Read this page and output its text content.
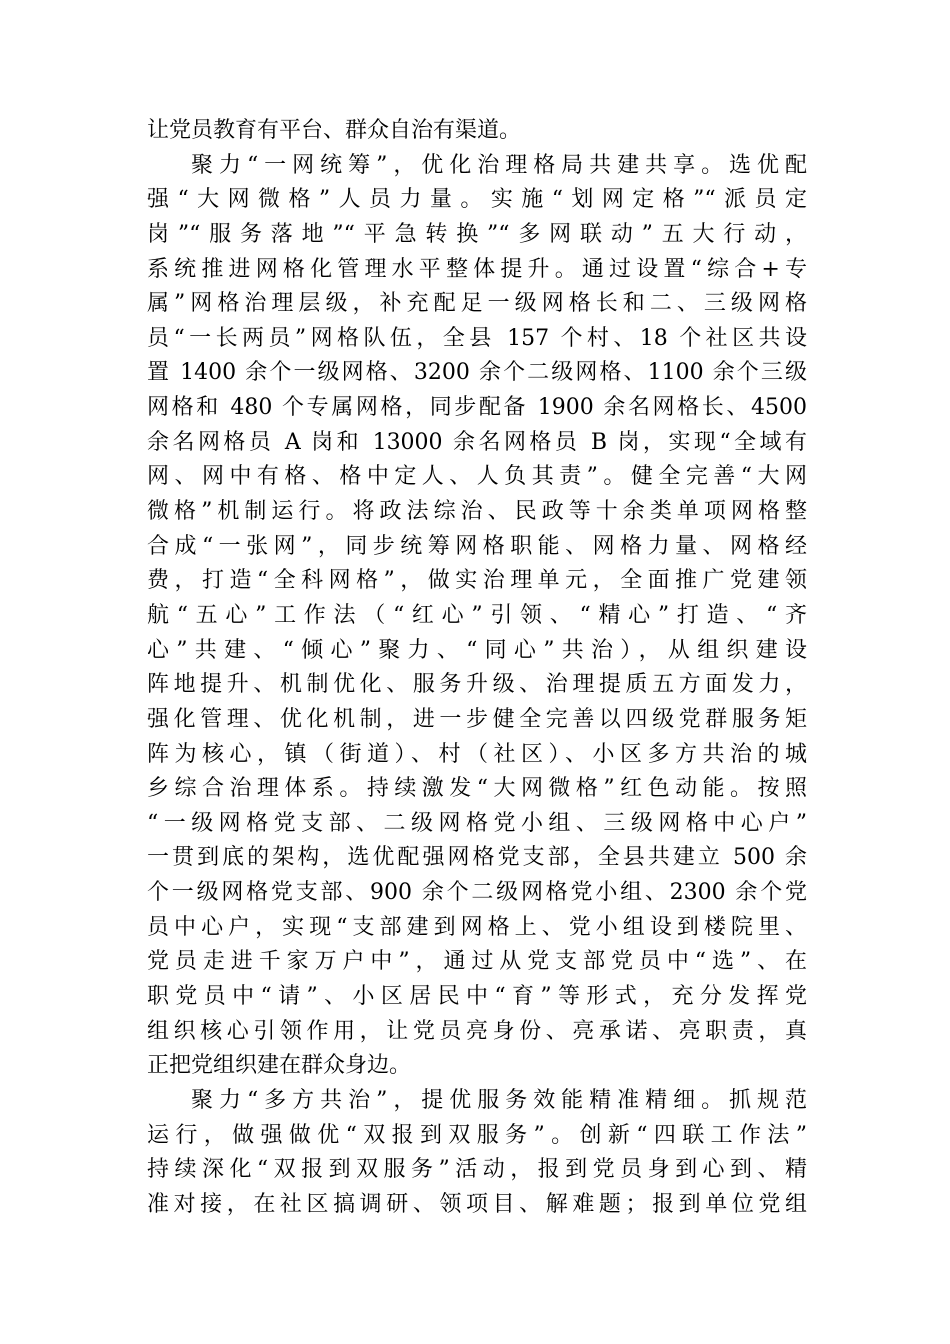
让党员教育有平台、群众自治有渠道。
聚力“一网统筹”，优化治理格局共建共享。选优配
强“大网微格”人员力量。实施“划网定格”“派员定
岗”“服务落地”“平急转换”“多网联动”五大行动，
系统推进网格化管理水平整体提升。通过设置“综合+专
属”网格治理层级，补充配足一级网格长和二、三级网格
员“一长两员”网格队伍，全县 157 个村、18 个社区共设
置 1400 余个一级网格、3200 余个二级网格、1100 余个三级
网格和 480 个专属网格，同步配备 1900 余名网格长、4500
余名网格员 A 岗和 13000 余名网格员 B 岗，实现“全域有
网、网中有格、格中定人、人负其责”。健全完善“大网
微格”机制运行。将政法综治、民政等十余类单项网格整
合成“一张网”，同步统筹网格职能、网格力量、网格经
费，打造“全科网格”，做实治理单元，全面推广党建领
航“五心”工作法（“红心”引领、“精心”打造、“齐
心”共建、“倾心”聚力、“同心”共治），从组织建设
阵地提升、机制优化、服务升级、治理提质五方面发力，
强化管理、优化机制，进一步健全完善以四级党群服务矩
阵为核心，镇（街道）、村（社区）、小区多方共治的城
乡综合治理体系。持续激发“大网微格”红色动能。按照
“一级网格党支部、二级网格党小组、三级网格中心户”
一贯到底的架构，选优配强网格党支部，全县共建立 500 余
个一级网格党支部、900 余个二级网格党小组、2300 余个党
员中心户，实现“支部建到网格上、党小组设到楼院里、
党员走进千家万户中”，通过从党支部党员中“选”、在
职党员中“请”、小区居民中“育”等形式，充分发挥党
组织核心引领作用，让党员亮身份、亮承诺、亮职责，真
正把党组织建在群众身边。
聚力“多方共治”，提优服务效能精准精细。抓规范
运行，做强做优“双报到双服务”。创新“四联工作法”
持续深化“双报到双服务”活动，报到党员身到心到、精
准对接，在社区搞调研、领项目、解难题；报到单位党组
